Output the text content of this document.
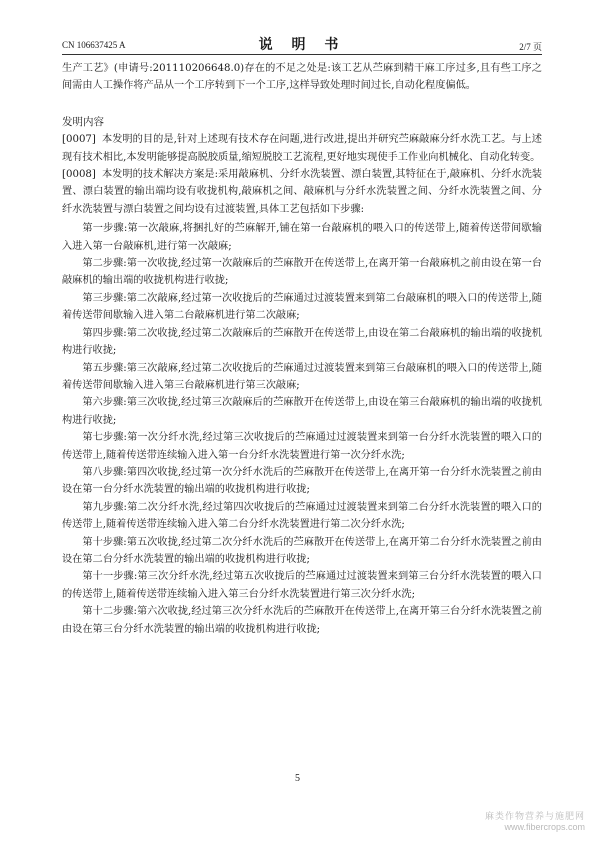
CN 106637425 A	说 明 书	2/7 页

生产工艺》(申请号:201110206648.0)存在的不足之处是:该工艺从苎麻到精干麻工序过多,且有些工序之间需由人工操作将产品从一个工序转到下一个工序,这样导致处理时间过长,自动化程度偏低。

发明内容

[0007] 本发明的目的是,针对上述现有技术存在问题,进行改进,提出并研究苎麻敲麻分纤水洗工艺。与上述现有技术相比,本发明能够提高脱胶质量,缩短脱胶工艺流程,更好地实现使手工作业向机械化、自动化转变。

[0008] 本发明的技术解决方案是:采用敲麻机、分纤水洗装置、漂白装置,其特征在于,敲麻机、分纤水洗装置、漂白装置的输出端均设有收拢机构,敲麻机之间、敲麻机与分纤水洗装置之间、分纤水洗装置之间、分纤水洗装置与漂白装置之间均设有过渡装置,具体工艺包括如下步骤:

第一步骤:第一次敲麻,将捆扎好的苎麻解开,铺在第一台敲麻机的喂入口的传送带上,随着传送带间歇输入进入第一台敲麻机,进行第一次敲麻;

第二步骤:第一次收拢,经过第一次敲麻后的苎麻散开在传送带上,在离开第一台敲麻机之前由设在第一台敲麻机的输出端的收拢机构进行收拢;

第三步骤:第二次敲麻,经过第一次收拢后的苎麻通过过渡装置来到第二台敲麻机的喂入口的传送带上,随着传送带间歇输入进入第二台敲麻机进行第二次敲麻;

第四步骤:第二次收拢,经过第二次敲麻后的苎麻散开在传送带上,由设在第二台敲麻机的输出端的收拢机构进行收拢;

第五步骤:第三次敲麻,经过第二次收拢后的苎麻通过过渡装置来到第三台敲麻机的喂入口的传送带上,随着传送带间歇输入进入第三台敲麻机进行第三次敲麻;

第六步骤:第三次收拢,经过第三次敲麻后的苎麻散开在传送带上,由设在第三台敲麻机的输出端的收拢机构进行收拢;

第七步骤:第一次分纤水洗,经过第三次收拢后的苎麻通过过渡装置来到第一台分纤水洗装置的喂入口的传送带上,随着传送带连续输入进入第一台分纤水洗装置进行第一次分纤水洗;

第八步骤:第四次收拢,经过第一次分纤水洗后的苎麻散开在传送带上,在离开第一台分纤水洗装置之前由设在第一台分纤水洗装置的输出端的收拢机构进行收拢;

第九步骤:第二次分纤水洗,经过第四次收拢后的苎麻通过过渡装置来到第二台分纤水洗装置的喂入口的传送带上,随着传送带连续输入进入第二台分纤水洗装置进行第二次分纤水洗;

第十步骤:第五次收拢,经过第二次分纤水洗后的苎麻散开在传送带上,在离开第二台分纤水洗装置之前由设在第二台分纤水洗装置的输出端的收拢机构进行收拢;

第十一步骤:第三次分纤水洗,经过第五次收拢后的苎麻通过过渡装置来到第三台分纤水洗装置的喂入口的传送带上,随着传送带连续输入进入第三台分纤水洗装置进行第三次分纤水洗;

第十二步骤:第六次收拢,经过第三次分纤水洗后的苎麻散开在传送带上,在离开第三台分纤水洗装置之前由设在第三台分纤水洗装置的输出端的收拢机构进行收拢;

5
麻类作物营养与施肥网
www.fibercrops.com
